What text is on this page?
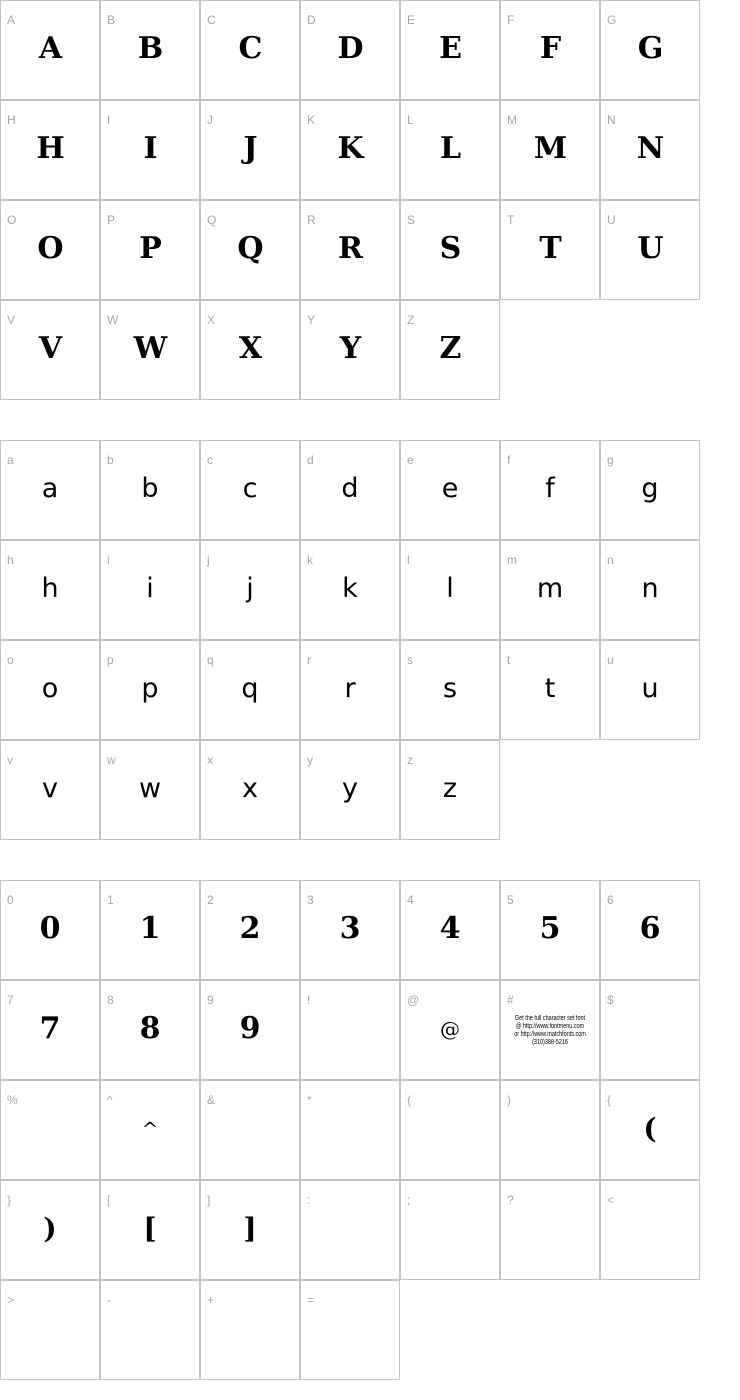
A
A
B
B
C
C
D
D
E
E
F
F
G
G
H
H
I
I
J
J
K
K
L
L
M
M
N
N
O
O
P
P
Q
Q
R
R
S
S
T
T
U
U
V
V
W
W
X
X
Y
Y
Z
Z
a
a
b
b
c
c
d
d
e
e
f
f
g
g
h
h
i
i
j
j
k
k
l
l
m
m
n
n
o
o
p
p
q
q
r
r
s
s
t
t
u
u
v
v
w
w
x
x
y
y
z
z
0
0
1
1
2
2
3
3
4
4
5
5
6
6
7
7
8
8
9
9
!	@
@
#
Get the full character set font
@ http://www.fontmenu.com
or http://www.matchfonts.com
(310)388-5216
$
%	^
^
&	*	(	)	{
(
}
)
[
[
]
]
:	;	?	<
>	-	+	=
